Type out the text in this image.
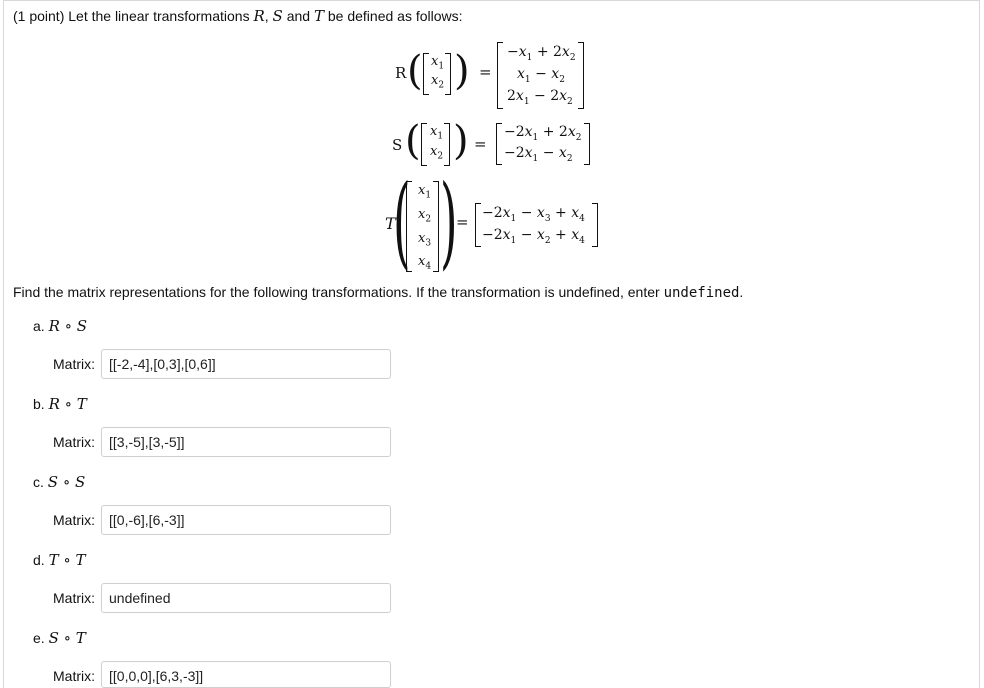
(1 point) Let the linear transformations R, S and T be defined as follows:
R ( $x_1$
$x_2$ ) =
$-x_1 + 2x_2$
$x_1 - x_2$
$2x_1 - 2x_2$
S ( $x_1$
$x_2$ ) =
$-2x_1 + 2x_2$
$-2x_1 - x_2$
T
( $x_1$
$x_2$
$x_3$
$x_4$ )
= $-2x_1 - x_3 + x_4$
$-2x_1 - x_2 + x_4$
Find the matrix representations for the following transformations. If the transformation is undefined, enter undefined.
a. R ∘ S
Matrix:	[[-2,-4],[0,3],[0,6]]
b. R ∘ T
Matrix:	[[3,-5],[3,-5]]
c. S ∘ S
Matrix:	[[0,-6],[6,-3]]
d. T ∘ T
Matrix:	undefined
e. S ∘ T
Matrix:	[[0,0,0],[6,3,-3]]
